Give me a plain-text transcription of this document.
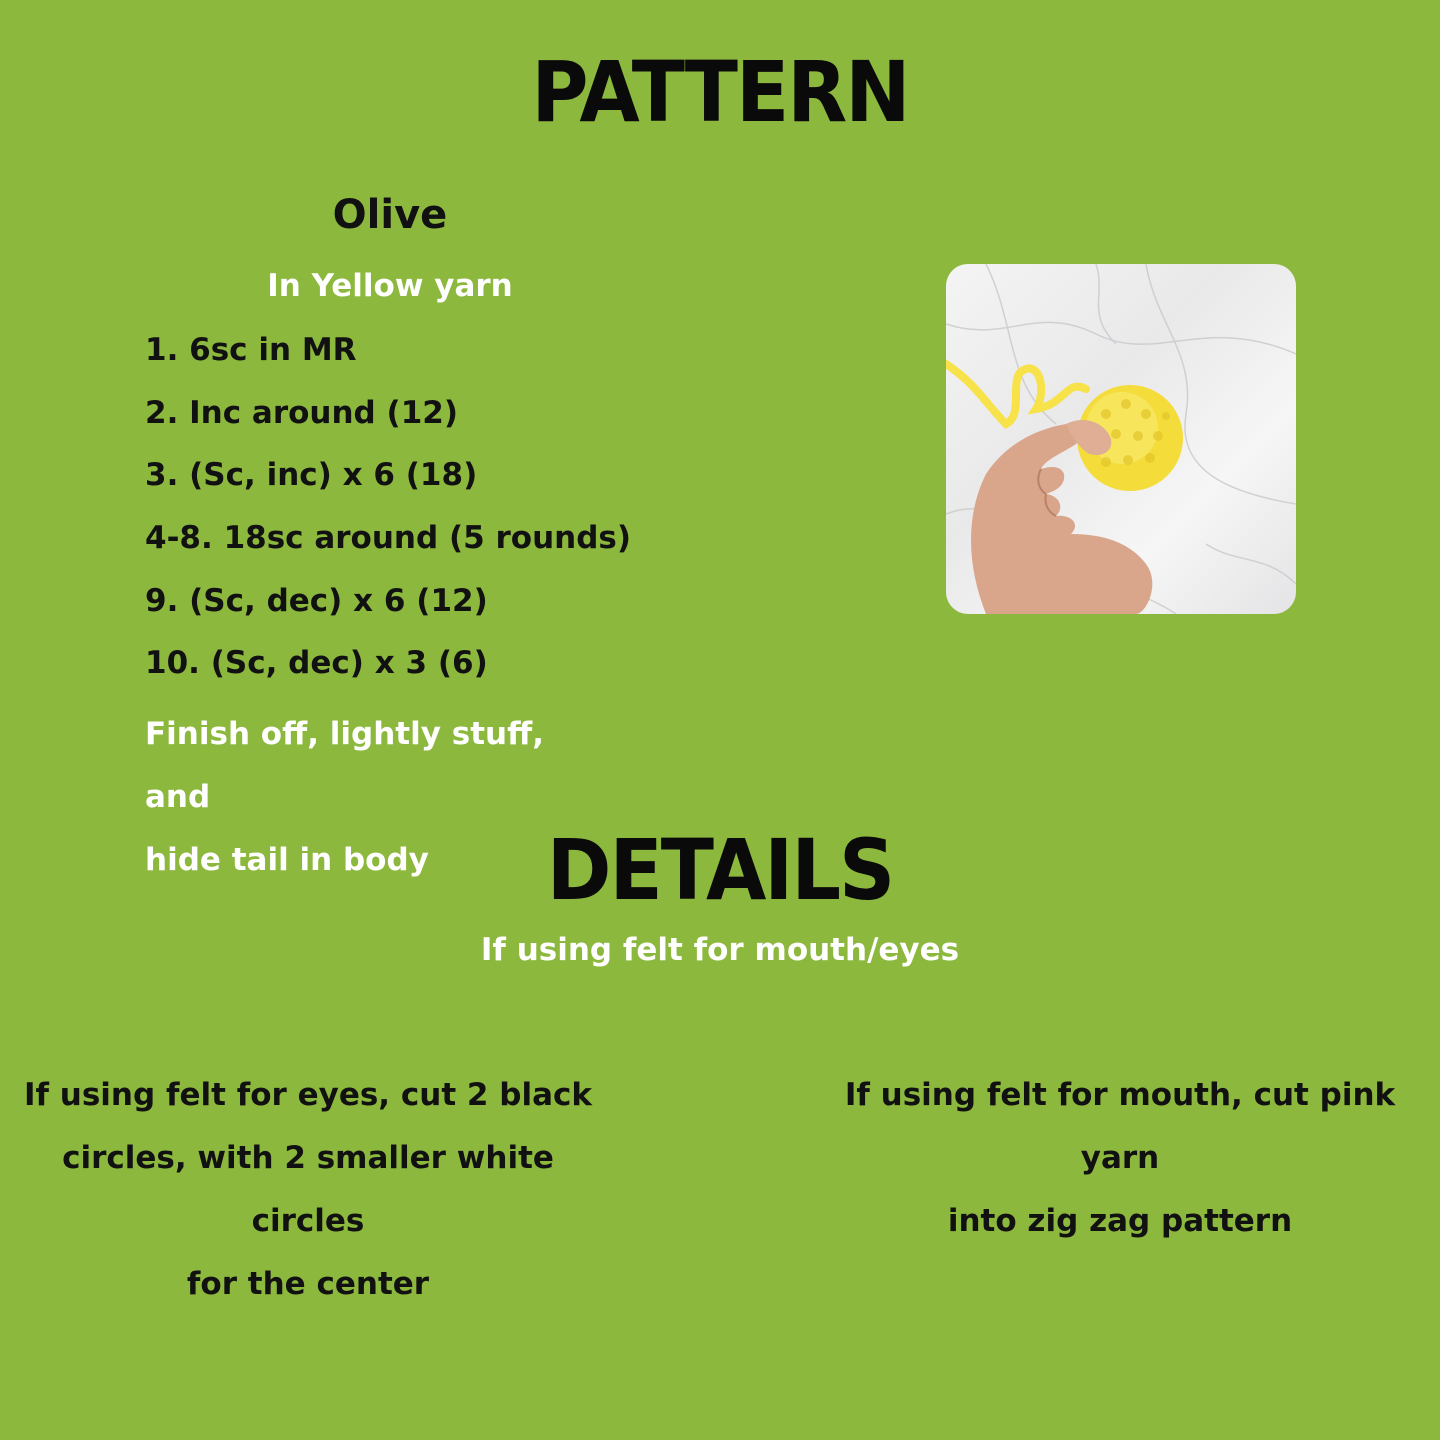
PATTERN
Olive
In Yellow yarn
1. 6sc in MR
2. Inc around (12)
3. (Sc, inc) x 6 (18)
4-8. 18sc around (5 rounds)
9. (Sc, dec) x 6 (12)
10. (Sc, dec) x 3 (6)
Finish off, lightly stuff, and
hide tail in body	DETAILS
If using felt for mouth/eyes
If using felt for eyes, cut 2 black
circles, with 2 smaller white circles
for the center
If using felt for mouth, cut pink yarn
into zig zag pattern
